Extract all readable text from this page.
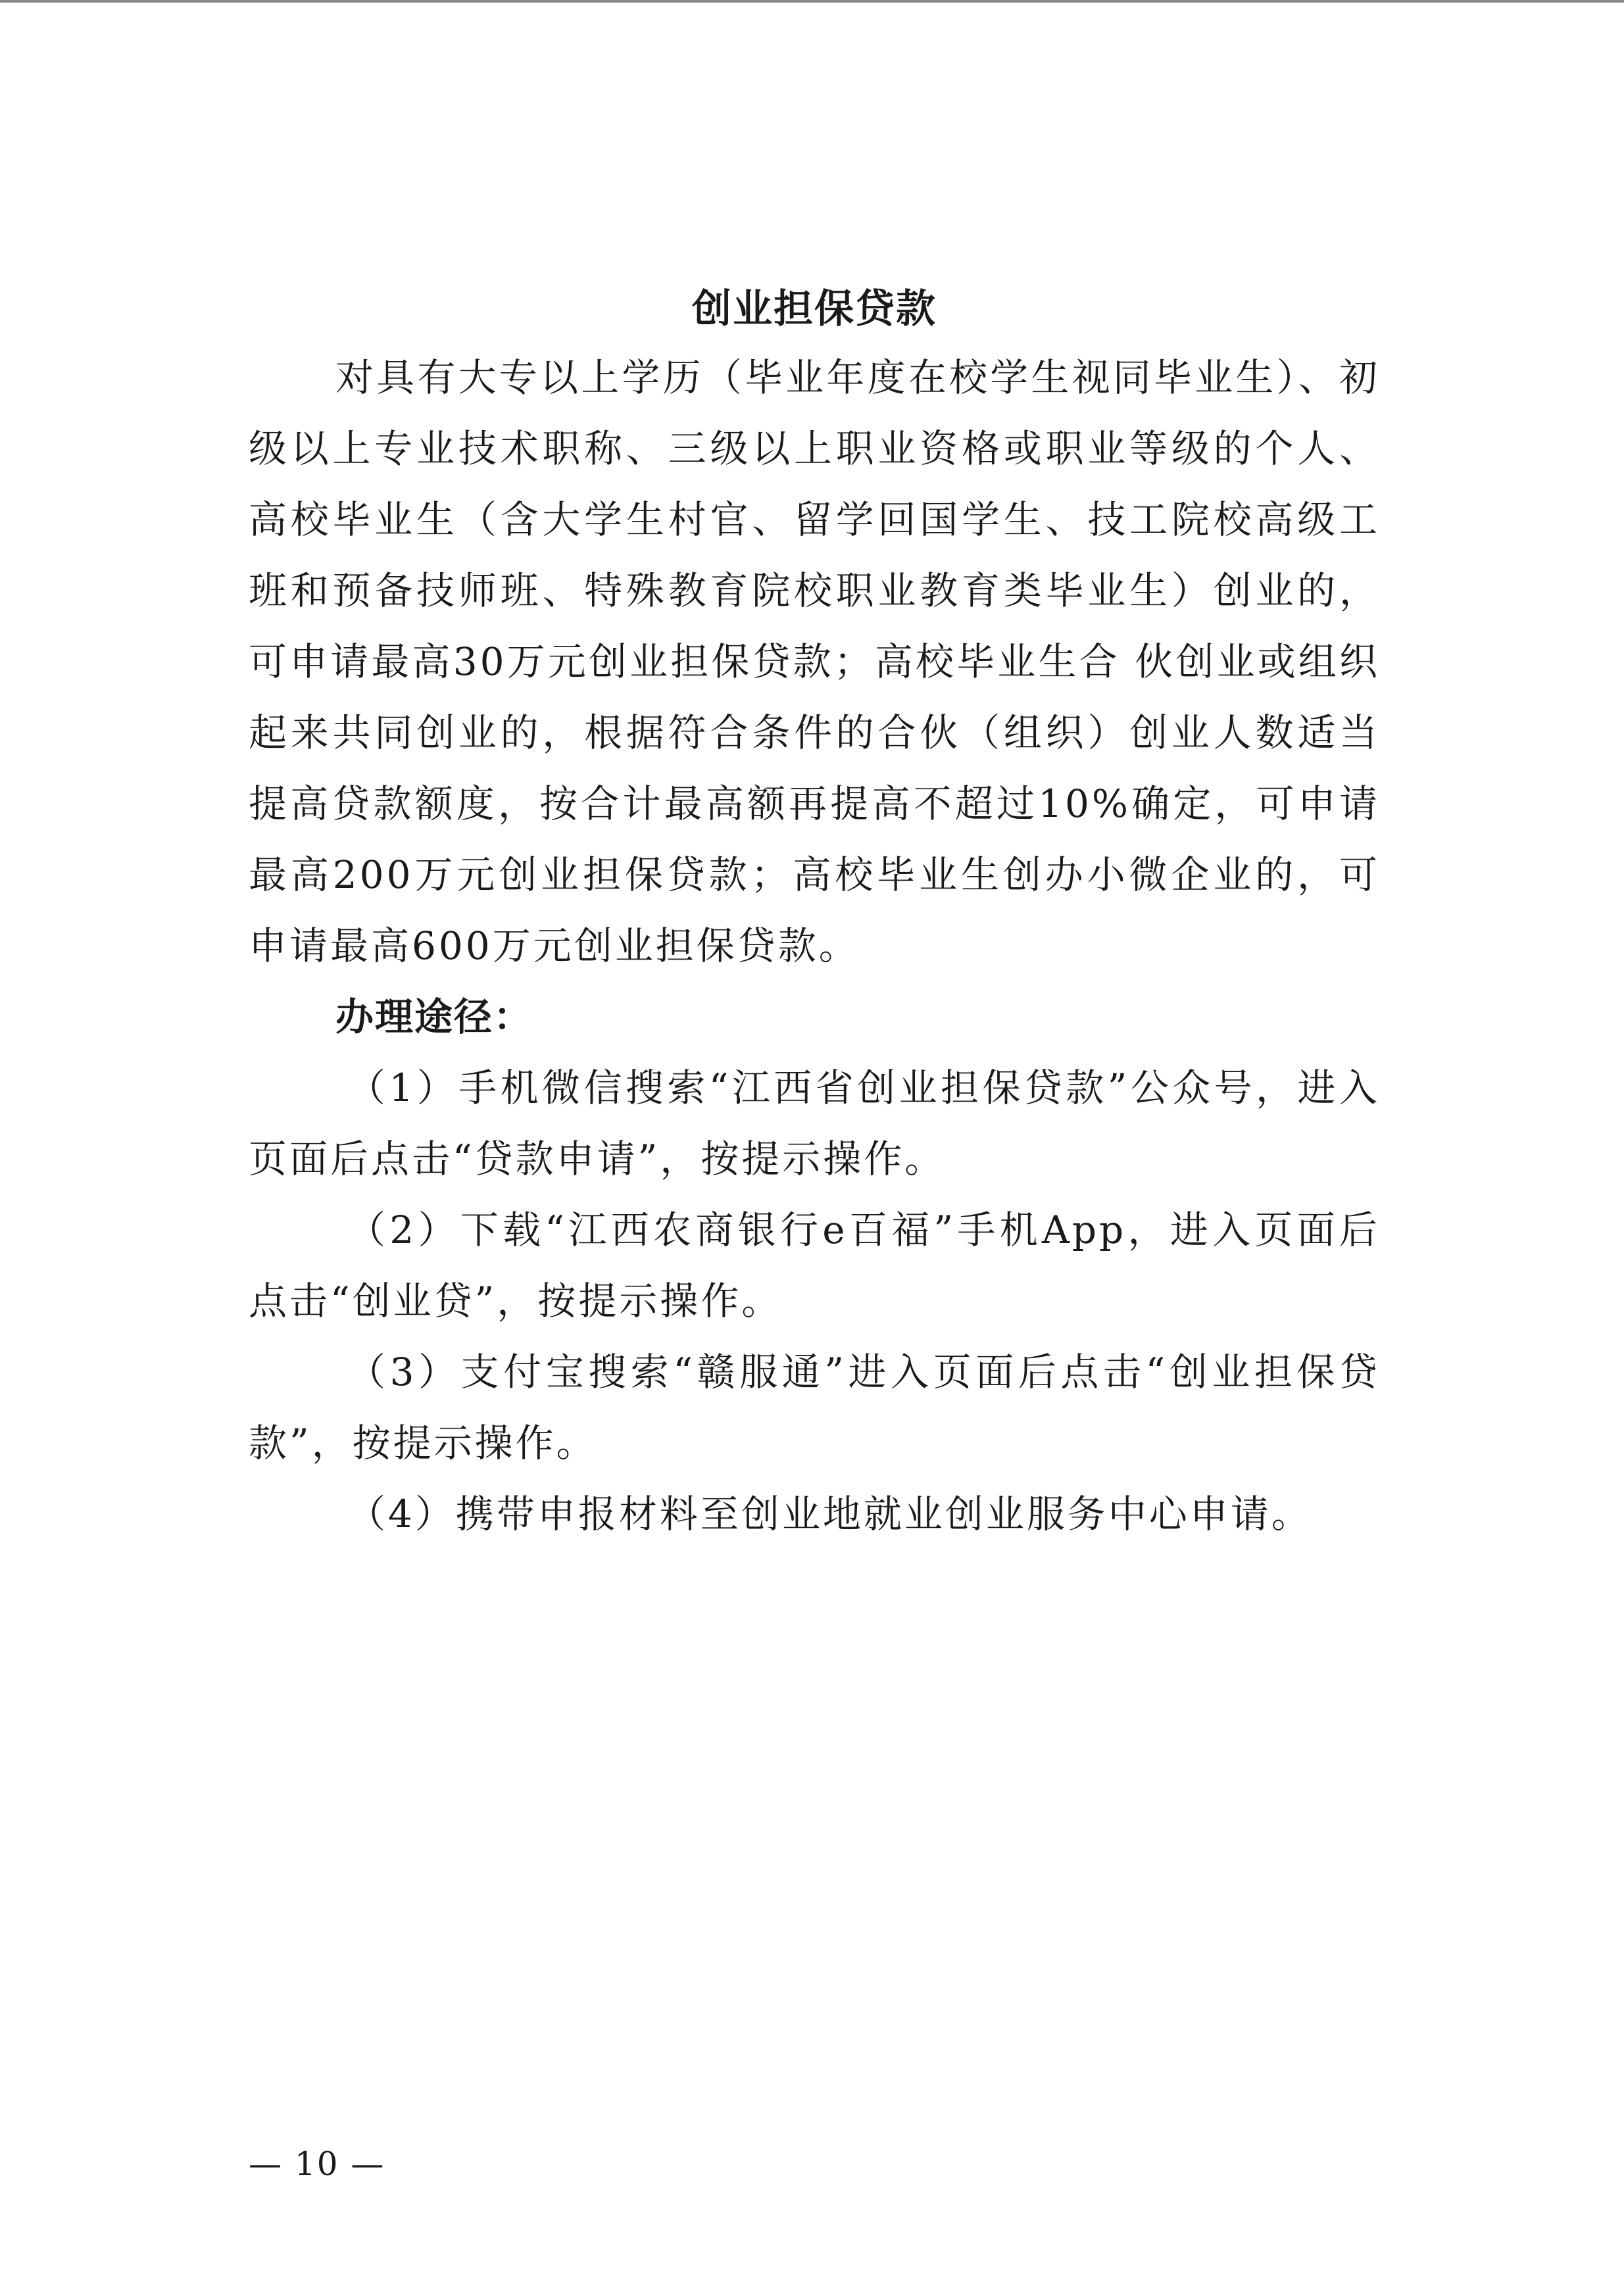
创业担保贷款

对具有大专以上学历（毕业年度在校学生视同毕业生）、初级以上专业技术职称、三级以上职业资格或职业等级的个人、高校毕业生（含大学生村官、留学回国学生、技工院校高级工班和预备技师班、特殊教育院校职业教育类毕业生）创业的，可申请最高30万元创业担保贷款；高校毕业生合 伙创业或组织起来共同创业的，根据符合条件的合伙（组织）创业人数适当提高贷款额度，按合计最高额再提高不超过10%确定，可申请最高200万元创业担保贷款；高校毕业生创办小微企业的，可申请最高600万元创业担保贷款。

办理途径：

（1）手机微信搜索“江西省创业担保贷款”公众号，进入页面后点击“贷款申请”，按提示操作。

（2）下载“江西农商银行e百福”手机App，进入页面后点击“创业贷”，按提示操作。

（3）支付宝搜索“赣服通”进入页面后点击“创业担保贷款”，按提示操作。

（4）携带申报材料至创业地就业创业服务中心申请。

— 10 —
